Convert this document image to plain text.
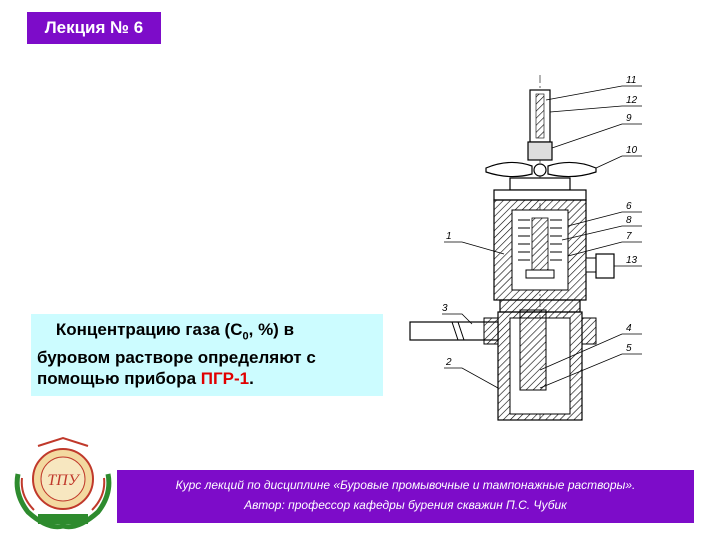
Лекция № 6
11
12
9
10
6
8
1	7
13
3
4
5
2
Концентрацию газа ($C_0$, %) в
буровом растворе определяют с
помощью прибора ПГР-1.
ТПУ	Курс лекций по дисциплине «Буровые промывочные и тампонажные растворы».
Автор: профессор кафедры бурения скважин П.С. Чубик
